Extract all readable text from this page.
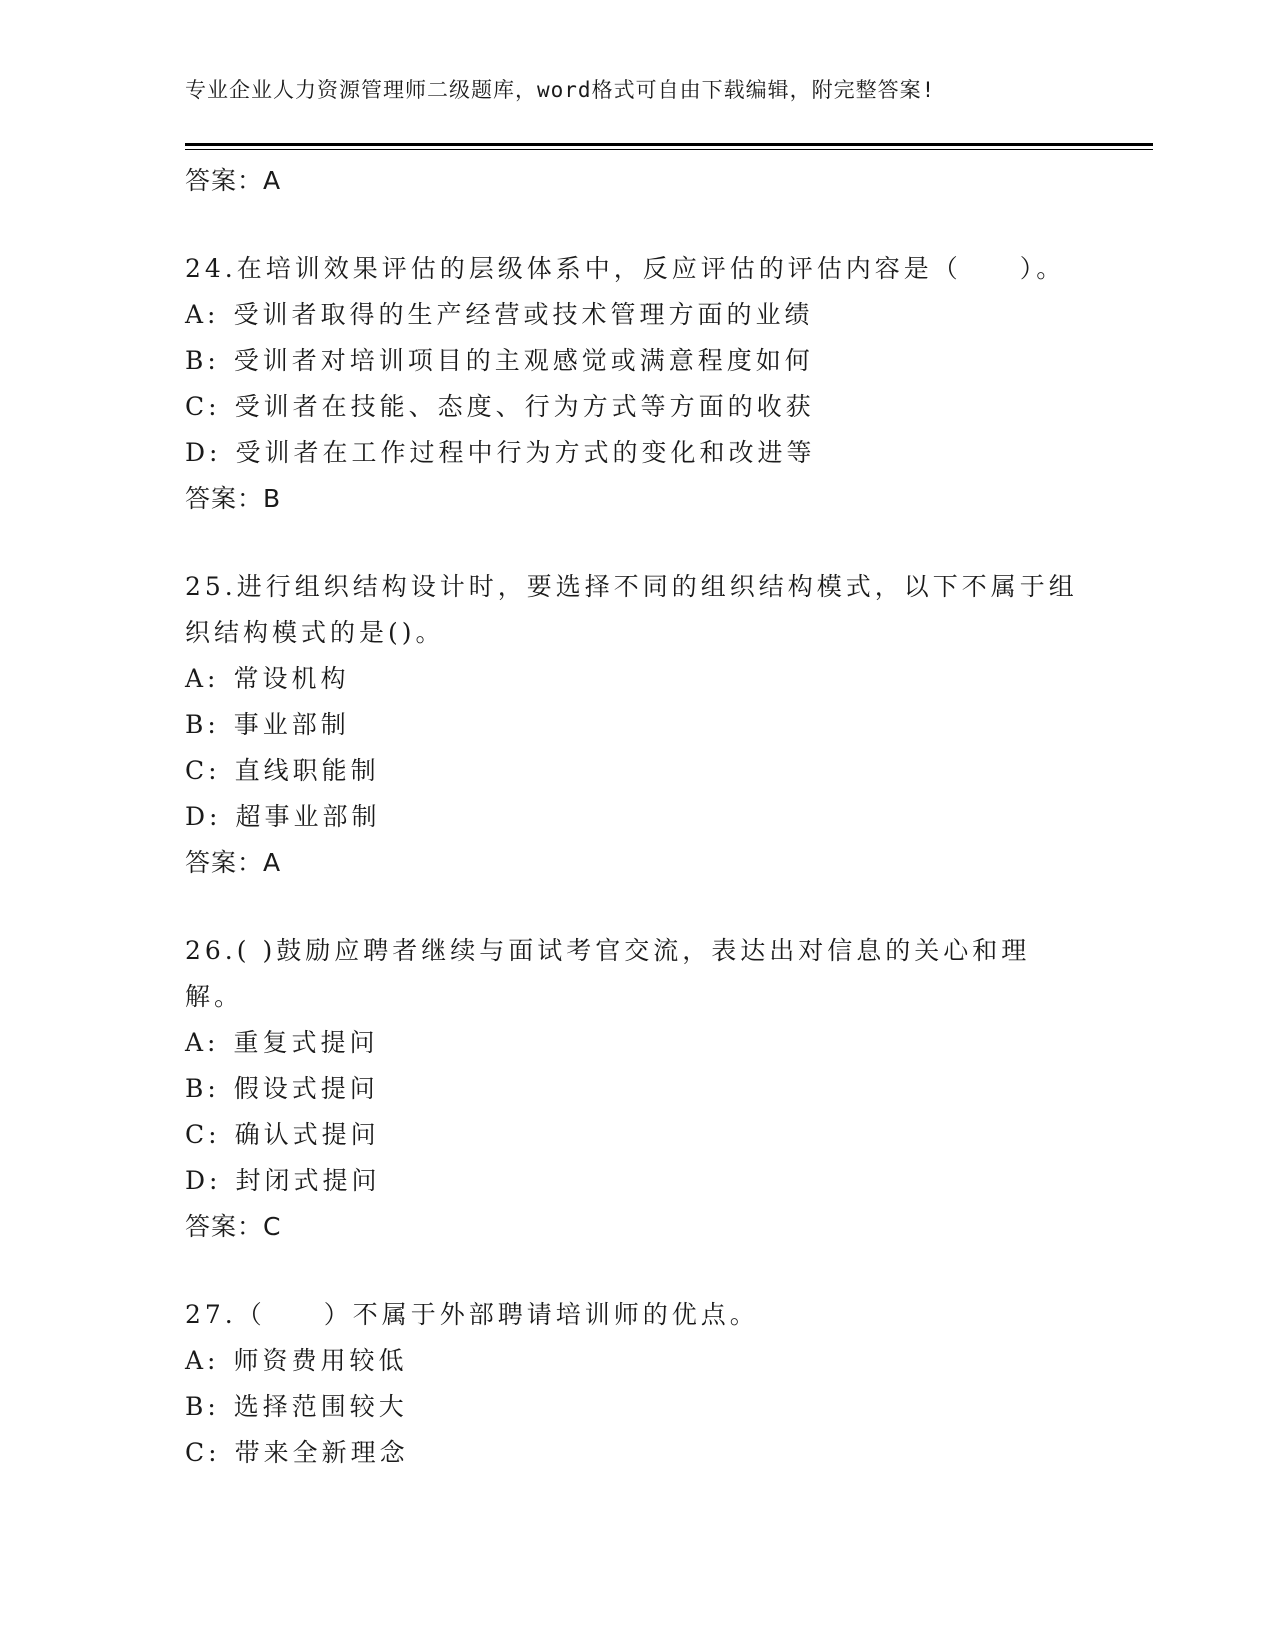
专业企业人力资源管理师二级题库，word格式可自由下载编辑，附完整答案!
答案：A
24.在培训效果评估的层级体系中，反应评估的评估内容是（　　）。
A: 受训者取得的生产经营或技术管理方面的业绩
B: 受训者对培训项目的主观感觉或满意程度如何
C: 受训者在技能、态度、行为方式等方面的收获
D: 受训者在工作过程中行为方式的变化和改进等
答案：B
25.进行组织结构设计时，要选择不同的组织结构模式，以下不属于组织结构模式的是()。
A: 常设机构
B: 事业部制
C: 直线职能制
D: 超事业部制
答案：A
26.( )鼓励应聘者继续与面试考官交流，表达出对信息的关心和理解。
A: 重复式提问
B: 假设式提问
C: 确认式提问
D: 封闭式提问
答案：C
27.（　　）不属于外部聘请培训师的优点。
A: 师资费用较低
B: 选择范围较大
C: 带来全新理念
